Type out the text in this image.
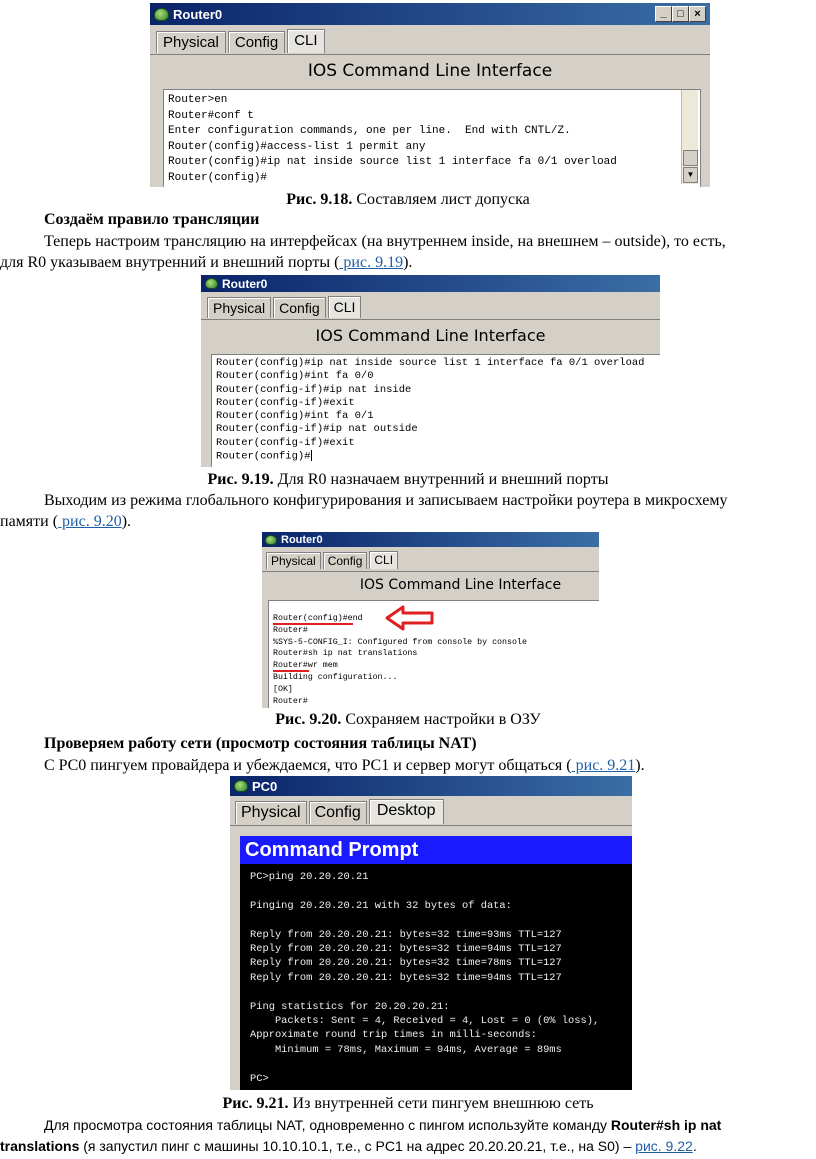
Router0	_ □ ×
Physical	Config	CLI
IOS Command Line Interface
Router>en
Router#conf t
Enter configuration commands, one per line.  End with CNTL/Z.
Router(config)#access-list 1 permit any
Router(config)#ip nat inside source list 1 interface fa 0/1 overload
Router(config)#	▼
Рис. 9.18. Составляем лист допуска
Создаём правило трансляции
Теперь настроим трансляцию на интерфейсах (на внутреннем inside, на внешнем – outside), то есть,
для R0 указываем внутренний и внешний порты ( рис. 9.19).
Router0
Physical	Config	CLI
IOS Command Line Interface
Router(config)#ip nat inside source list 1 interface fa 0/1 overload
Router(config)#int fa 0/0
Router(config-if)#ip nat inside
Router(config-if)#exit
Router(config)#int fa 0/1
Router(config-if)#ip nat outside
Router(config-if)#exit
Router(config)#
Рис. 9.19. Для R0 назначаем внутренний и внешний порты
Выходим из режима глобального конфигурирования и записываем настройки роутера в микросхему
памяти ( рис. 9.20).
Router0
Physical	Config	CLI
IOS Command Line Interface
Router(config)#end
Router#
%SYS-5-CONFIG_I: Configured from console by console
Router#sh ip nat translations
Router#wr mem
Building configuration...
[OK]
Router#
Рис. 9.20. Сохраняем настройки в ОЗУ
Проверяем работу сети (просмотр состояния таблицы NAT)
С PC0 пингуем провайдера и убеждаемся, что PC1 и сервер могут общаться ( рис. 9.21).
PC0
Physical Config	Desktop
Command Prompt
PC>ping 20.20.20.21
Pinging 20.20.20.21 with 32 bytes of data:
Reply from 20.20.20.21: bytes=32 time=93ms TTL=127
Reply from 20.20.20.21: bytes=32 time=94ms TTL=127
Reply from 20.20.20.21: bytes=32 time=78ms TTL=127
Reply from 20.20.20.21: bytes=32 time=94ms TTL=127
Ping statistics for 20.20.20.21:
Packets: Sent = 4, Received = 4, Lost = 0 (0% loss),
Approximate round trip times in milli-seconds:
Minimum = 78ms, Maximum = 94ms, Average = 89ms
PC>
Рис. 9.21. Из внутренней сети пингуем внешнюю сеть
Для просмотра состояния таблицы NAT, одновременно с пингом используйте команду Router#sh ip nat
translations (я запустил пинг с машины 10.10.10.1, т.е., с PC1 на адрес 20.20.20.21, т.е., на S0) – рис. 9.22.
